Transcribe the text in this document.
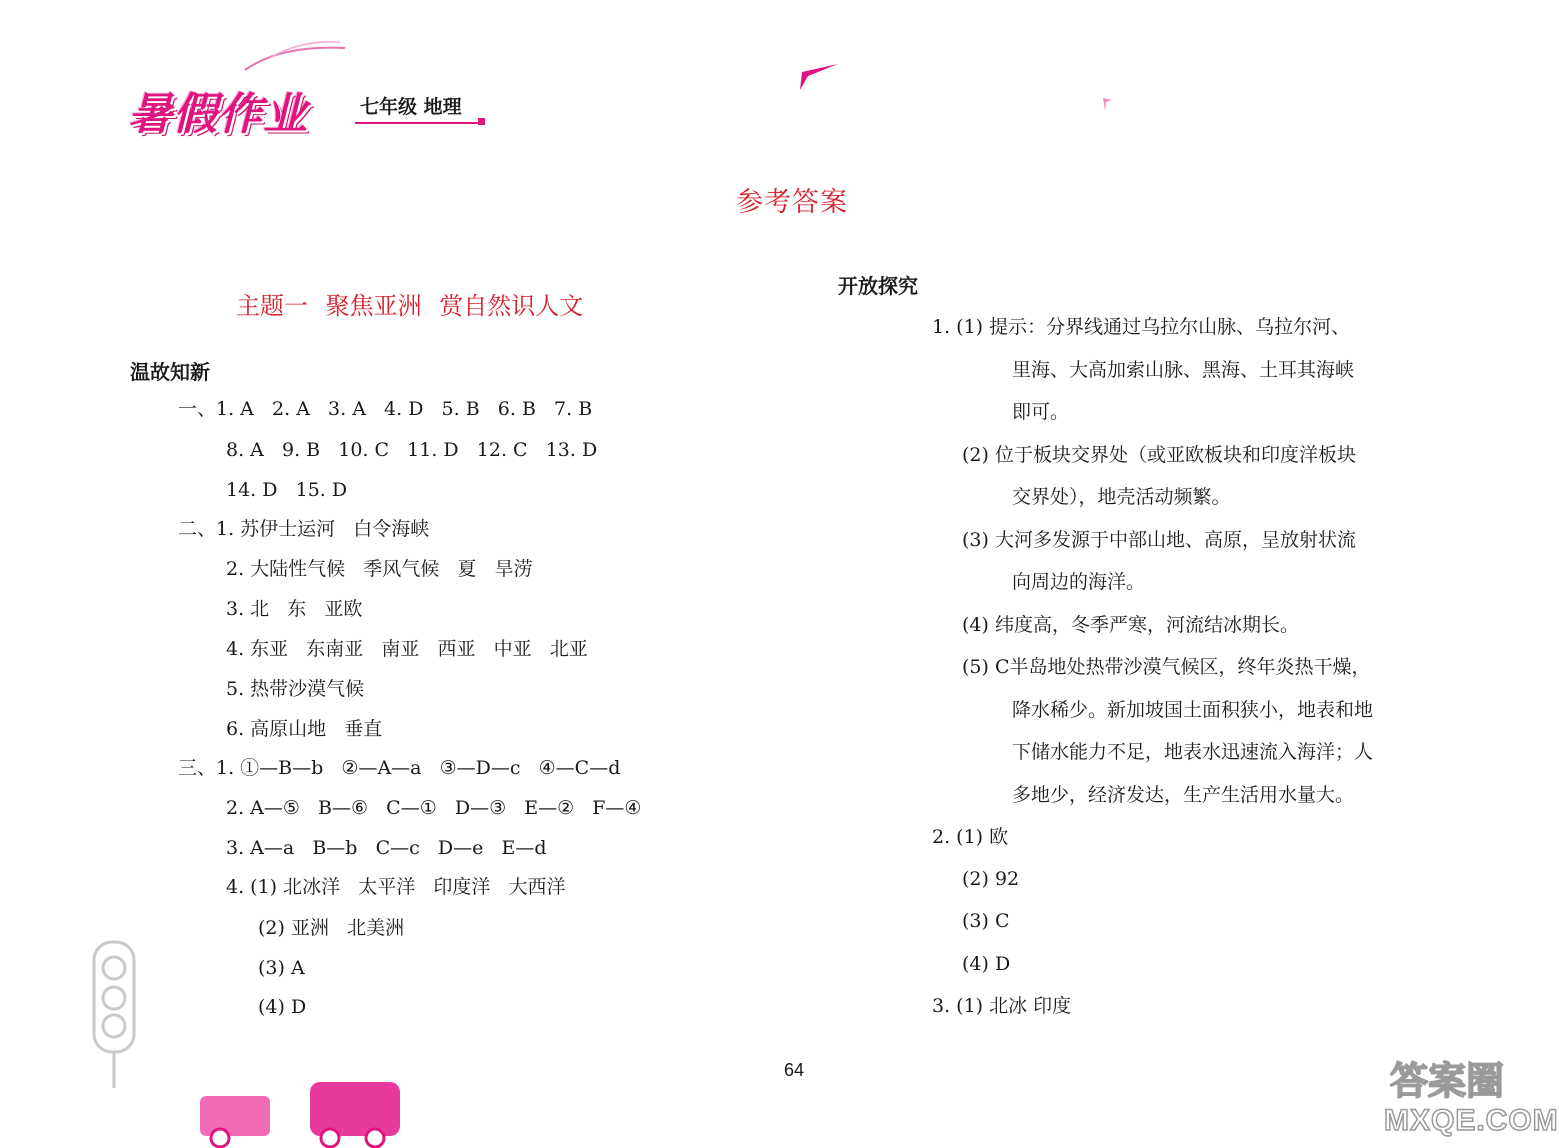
暑假作业	七年级 地理
参考答案
主题一 聚焦亚洲 赏自然识人文
温故知新
一、1. A   2. A   3. A   4. D   5. B   6. B   7. B
8. A   9. B   10. C   11. D   12. C   13. D
14. D   15. D
二、1. 苏伊士运河   白令海峡
2. 大陆性气候   季风气候   夏   旱涝
3. 北   东   亚欧
4. 东亚   东南亚   南亚   西亚   中亚   北亚
5. 热带沙漠气候
6. 高原山地   垂直
三、1. ①—B—b   ②—A—a   ③—D—c   ④—C—d
2. A—⑤   B—⑥   C—①   D—③   E—②   F—④
3. A—a   B—b   C—c   D—e   E—d
4. (1) 北冰洋   太平洋   印度洋   大西洋
(2) 亚洲   北美洲
(3) A
(4) D
开放探究
1. (1) 提示：分界线通过乌拉尔山脉、乌拉尔河、
里海、大高加索山脉、黑海、土耳其海峡
即可。
(2) 位于板块交界处（或亚欧板块和印度洋板块
交界处），地壳活动频繁。
(3) 大河多发源于中部山地、高原，呈放射状流
向周边的海洋。
(4) 纬度高，冬季严寒，河流结冰期长。
(5) C半岛地处热带沙漠气候区，终年炎热干燥，
降水稀少。新加坡国土面积狭小，地表和地
下储水能力不足，地表水迅速流入海洋；人
多地少，经济发达，生产生活用水量大。
2. (1) 欧
(2) 92
(3) C
(4) D
3. (1) 北冰 印度
64	答案圈
MXQE.COM
